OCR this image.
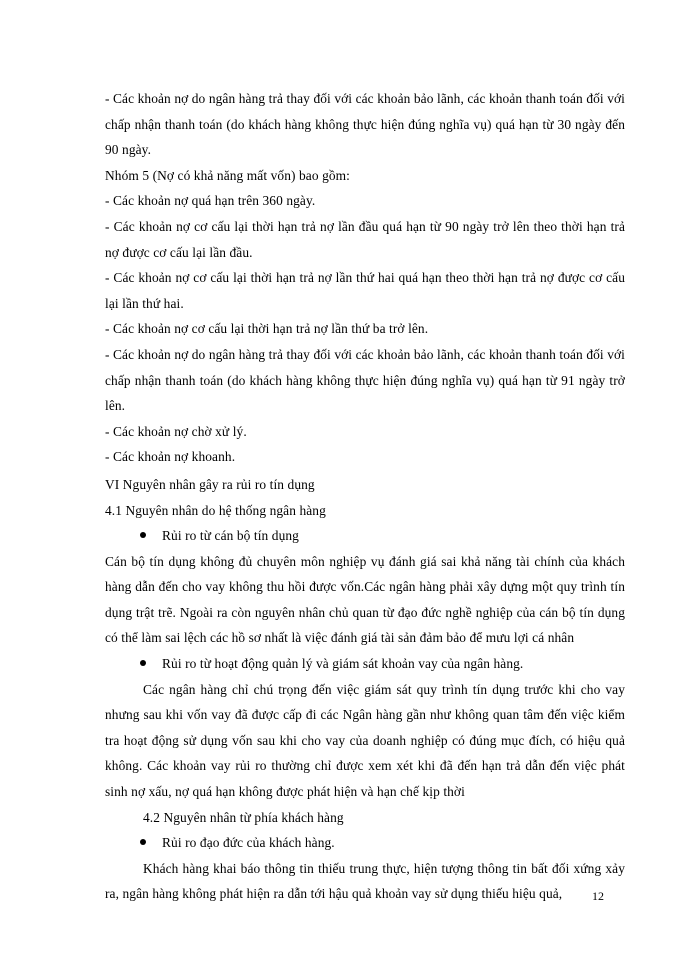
- Các khoản nợ do ngân hàng trả thay đối với các khoản bảo lãnh, các khoản thanh toán đối với chấp nhận thanh toán (do khách hàng không thực hiện đúng nghĩa vụ) quá hạn từ 30 ngày đến 90 ngày.

Nhóm 5 (Nợ có khả năng mất vốn) bao gồm:

- Các khoản nợ quá hạn trên 360 ngày.

- Các khoản nợ cơ cấu lại thời hạn trả nợ lần đầu quá hạn từ 90 ngày trở lên theo thời hạn trả nợ được cơ cấu lại lần đầu.

- Các khoản nợ cơ cấu lại thời hạn trả nợ lần thứ hai quá hạn theo thời hạn trả nợ được cơ cấu lại lần thứ hai.

- Các khoản nợ cơ cấu lại thời hạn trả nợ lần thứ ba trở lên.

- Các khoản nợ do ngân hàng trả thay đối với các khoản bảo lãnh, các khoản thanh toán đối với chấp nhận thanh toán (do khách hàng không thực hiện đúng nghĩa vụ) quá hạn từ 91 ngày trở lên.

- Các khoản nợ chờ xử lý.

- Các khoản nợ khoanh.

VI Nguyên nhân gây ra rủi ro tín dụng

4.1 Nguyên nhân do hệ thống ngân hàng

Rủi ro từ cán bộ tín dụng

Cán bộ tín dụng không đủ chuyên môn nghiệp vụ đánh giá sai khả năng tài chính của khách hàng dẫn đến cho vay không thu hồi được vốn.Các ngân hàng phải xây dựng một quy trình tín dụng trật trẽ. Ngoài ra còn nguyên nhân chủ quan từ đạo đức nghề nghiệp của cán bộ tín dụng có thể làm sai lệch các hồ sơ nhất là việc đánh giá tài sản đảm bảo để mưu lợi cá nhân

Rủi ro từ hoạt động quản lý và giám sát khoản vay của ngân hàng.

Các ngân hàng chỉ chú trọng đến việc giám sát quy trình tín dụng trước khi cho vay nhưng sau khi vốn vay đã được cấp đi các Ngân hàng gần như không quan tâm đến việc kiểm tra hoạt động sử dụng vốn sau khi cho vay của doanh nghiệp có đúng mục đích, có hiệu quả không. Các khoản vay rủi ro thường chỉ được xem xét khi đã đến hạn trả dẫn đến việc phát sinh nợ xấu, nợ quá hạn không được phát hiện và hạn chế kịp thời

4.2 Nguyên nhân từ phía khách hàng

Rủi ro đạo đức của khách hàng.

Khách hàng khai báo thông tin thiếu trung thực, hiện tượng thông tin bất đối xứng xảy ra, ngân hàng không phát hiện ra dẫn tới hậu quả khoản vay sử dụng thiếu hiệu quả,	12
